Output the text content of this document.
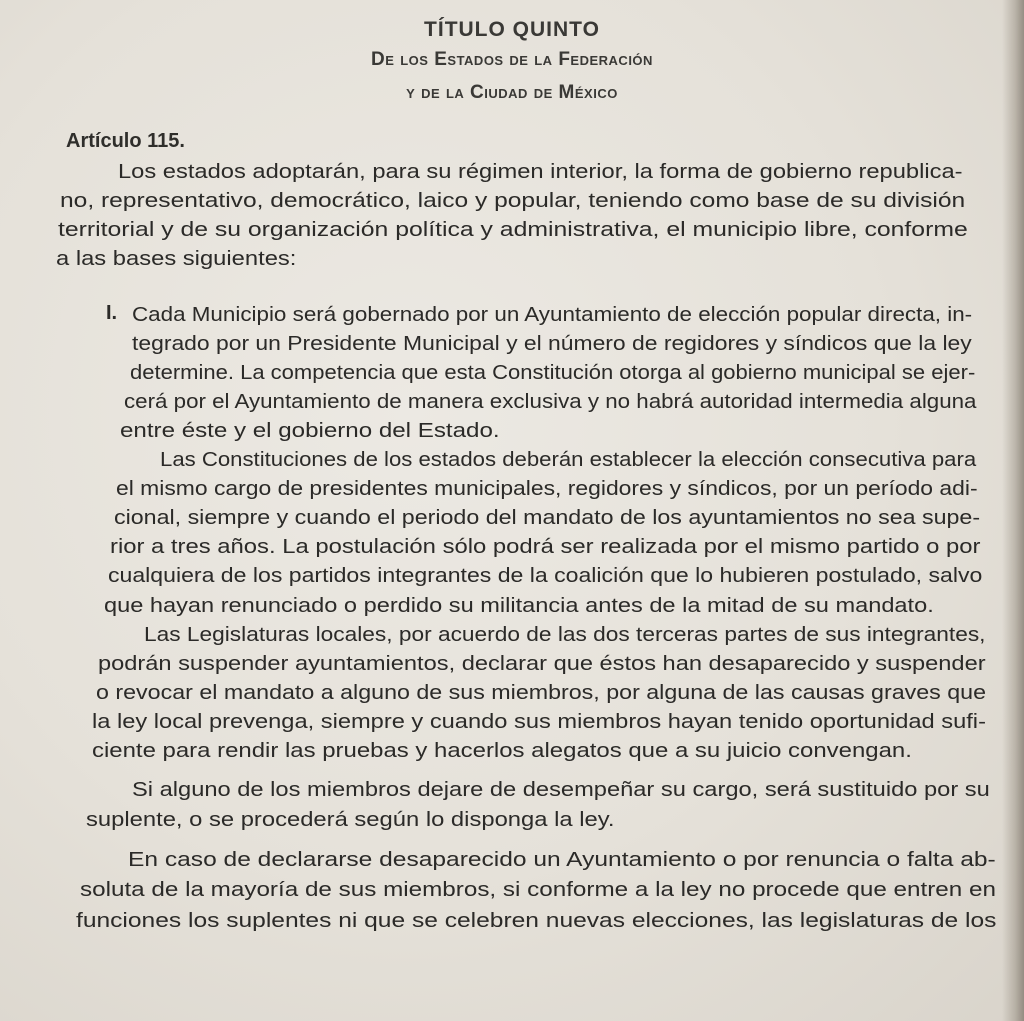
TÍTULO QUINTO
De los Estados de la Federación
y de la Ciudad de México
Artículo 115.
Los estados adoptarán, para su régimen interior, la forma de gobierno republica-
no, representativo, democrático, laico y popular, teniendo como base de su división
territorial y de su organización política y administrativa, el municipio libre, conforme
a las bases siguientes:
I. Cada Municipio será gobernado por un Ayuntamiento de elección popular directa, in-
tegrado por un Presidente Municipal y el número de regidores y síndicos que la ley
determine. La competencia que esta Constitución otorga al gobierno municipal se ejer-
cerá por el Ayuntamiento de manera exclusiva y no habrá autoridad intermedia alguna
entre éste y el gobierno del Estado.
Las Constituciones de los estados deberán establecer la elección consecutiva para
el mismo cargo de presidentes municipales, regidores y síndicos, por un período adi-
cional, siempre y cuando el periodo del mandato de los ayuntamientos no sea supe-
rior a tres años. La postulación sólo podrá ser realizada por el mismo partido o por
cualquiera de los partidos integrantes de la coalición que lo hubieren postulado, salvo
que hayan renunciado o perdido su militancia antes de la mitad de su mandato.
Las Legislaturas locales, por acuerdo de las dos terceras partes de sus integrantes,
podrán suspender ayuntamientos, declarar que éstos han desaparecido y suspender
o revocar el mandato a alguno de sus miembros, por alguna de las causas graves que
la ley local prevenga, siempre y cuando sus miembros hayan tenido oportunidad sufi-
ciente para rendir las pruebas y hacerlos alegatos que a su juicio convengan.
Si alguno de los miembros dejare de desempeñar su cargo, será sustituido por su
suplente, o se procederá según lo disponga la ley.
En caso de declararse desaparecido un Ayuntamiento o por renuncia o falta ab-
soluta de la mayoría de sus miembros, si conforme a la ley no procede que entren en
funciones los suplentes ni que se celebren nuevas elecciones, las legislaturas de los
